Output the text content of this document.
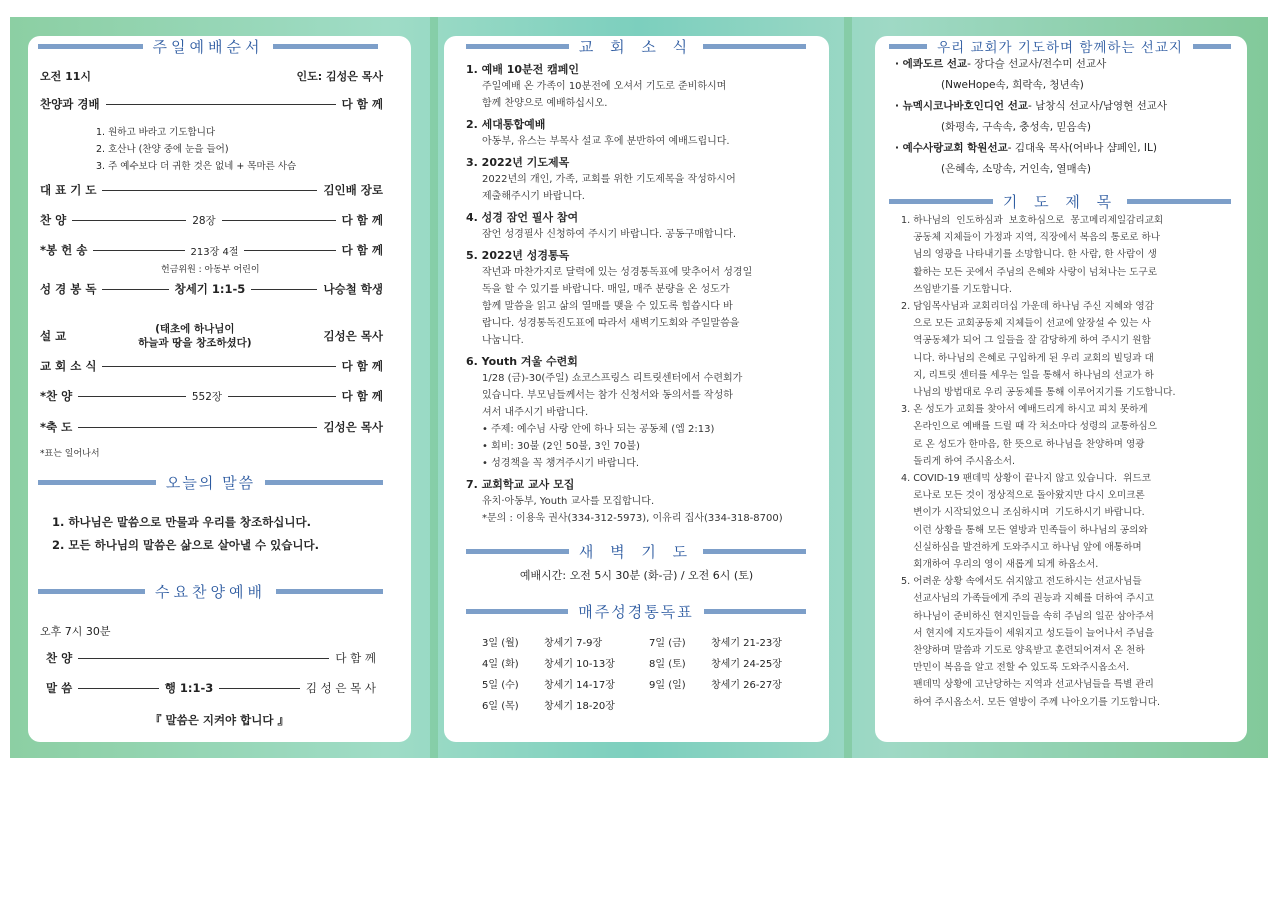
주일예배순서
오전 11시	인도: 김성은 목사
찬양과 경배	다 함 께
1. 원하고 바라고 기도합니다
2. 호산나 (찬양 중에 눈을 들어)
3. 주 예수보다 더 귀한 것은 없네 + 목마른 사슴
대 표 기 도	김인배 장로
찬 양	28장	다 함 께
*봉 헌 송	213장 4절	다 함 께
헌금위원 : 아동부 어린이
성 경 봉 독	창세기 1:1-5	나승철 학생
설 교	(태초에 하나님이
하늘과 땅을 창조하셨다)	김성은 목사
교 회 소 식	다 함 께
*찬 양	552장	다 함 께
*축 도	김성은 목사
*표는 일어나서
오늘의 말씀
1. 하나님은 말씀으로 만물과 우리를 창조하십니다.
2. 모든 하나님의 말씀은 삶으로 살아낼 수 있습니다.
수요찬양예배
오후 7시 30분
찬 양	다 함 께
말 씀	행 1:1-3	김 성 은 목 사
『 말씀은 지켜야 합니다 』
교 회 소 식
1. 예배 10분전 캠페인
주일예배 온 가족이 10분전에 오셔서 기도로 준비하시며
함께 찬양으로 예배하십시오.
2. 세대통합예배
아동부, 유스는 부목사 설교 후에 분반하여 예배드립니다.
3. 2022년 기도제목
2022년의 개인, 가족, 교회를 위한 기도제목을 작성하시어
제출해주시기 바랍니다.
4. 성경 잠언 필사 참여
잠언 성경필사 신청하여 주시기 바랍니다. 공동구매합니다.
5. 2022년 성경통독
작년과 마찬가지로 달력에 있는 성경통독표에 맞추어서 성경일
독을 할 수 있기를 바랍니다. 매일, 매주 분량을 온 성도가
함께 말씀을 읽고 삶의 열매를 맺을 수 있도록 힘씁시다 바
랍니다. 성경통독진도표에 따라서 새벽기도회와 주일말씀을
나눕니다.
6. Youth 겨울 수련회
1/28 (금)-30(주일) 쇼코스프링스 리트릿센터에서 수련회가
있습니다. 부모님들께서는 참가 신청서와 동의서를 작성하
셔서 내주시기 바랍니다.
• 주제: 예수님 사랑 안에 하나 되는 공동체 (엡 2:13)
• 회비: 30불 (2인 50불, 3인 70불)
• 성경책을 꼭 챙겨주시기 바랍니다.
7. 교회학교 교사 모집
유치·아동부, Youth 교사를 모집합니다.
*문의 : 이용욱 권사(334-312-5973), 이유리 집사(334-318-8700)
새 벽 기 도
예배시간: 오전 5시 30분 (화-금) / 오전 6시 (토)
매주성경통독표
3일 (월)	창세기 7-9장	7일 (금)	창세기 21-23장
4일 (화)	창세기 10-13장	8일 (토)	창세기 24-25장
5일 (수)	창세기 14-17장	9일 (일)	창세기 26-27장
6일 (목)	창세기 18-20장
우리 교회가 기도하며 함께하는 선교지
· 에콰도르 선교- 장다슬 선교사/전수미 선교사
(NweHope속, 희락속, 청년속)
· 뉴멕시코나바호인디언 선교- 남창식 선교사/남영현 선교사
(화평속, 구속속, 충성속, 믿음속)
· 예수사랑교회 학원선교- 김대욱 목사(어바나 샴페인, IL)
(은혜속, 소망속, 거인속, 열매속)
기 도 제 목
1. 하나님의  인도하심과  보호하심으로  몽고메리제일감리교회
공동체 지체들이 가정과 지역, 직장에서 복음의 통로로 하나
님의 영광을 나타내기를 소망합니다. 한 사람, 한 사람이 생
활하는 모든 곳에서 주님의 은혜와 사랑이 넘쳐나는 도구로
쓰임받기를 기도합니다.
2. 담임목사님과 교회리더십 가운데 하나님 주신 지혜와 영감
으로 모든 교회공동체 지체들이 선교에 앞장설 수 있는 사
역공동체가 되어 그 일들을 잘 감당하게 하여 주시기 원합
니다. 하나님의 은혜로 구입하게 된 우리 교회의 빌딩과 대
지, 리트릿 센터를 세우는 일을 통해서 하나님의 선교가 하
나님의 방법대로 우리 공동체를 통해 이루어지기를 기도합니다.
3. 온 성도가 교회를 찾아서 예배드리게 하시고 피치 못하게
온라인으로 예배를 드릴 때 각 처소마다 성령의 교통하심으
로 온 성도가 한마음, 한 뜻으로 하나님을 찬양하며 영광
돌리게 하여 주시옵소서.
4. COVID-19 팬데믹 상황이 끝나지 않고 있습니다.  위드코
로나로 모든 것이 정상적으로 돌아왔지만 다시 오미크론
변이가 시작되었으니 조심하시며  기도하시기 바랍니다.
이런 상황을 통해 모든 열방과 민족들이 하나님의 공의와
신실하심을 발견하게 도와주시고 하나님 앞에 애통하며
회개하여 우리의 영이 새롭게 되게 하옵소서.
5. 어려운 상황 속에서도 쉬지않고 전도하시는 선교사님들
선교사님의 가족들에게 주의 권능과 지혜를 더하여 주시고
하나님이 준비하신 현지인들을 속히 주님의 일꾼 삼아주셔
서 현지에 지도자들이 세워지고 성도들이 늘어나서 주님을
찬양하며 말씀과 기도로 양육받고 훈련되어져서 온 천하
만민이 복음을 알고 전할 수 있도록 도와주시옵소서.
팬데믹 상황에 고난당하는 지역과 선교사님들을 특별 관리
하여 주시옵소서. 모든 열방이 주께 나아오기를 기도합니다.
